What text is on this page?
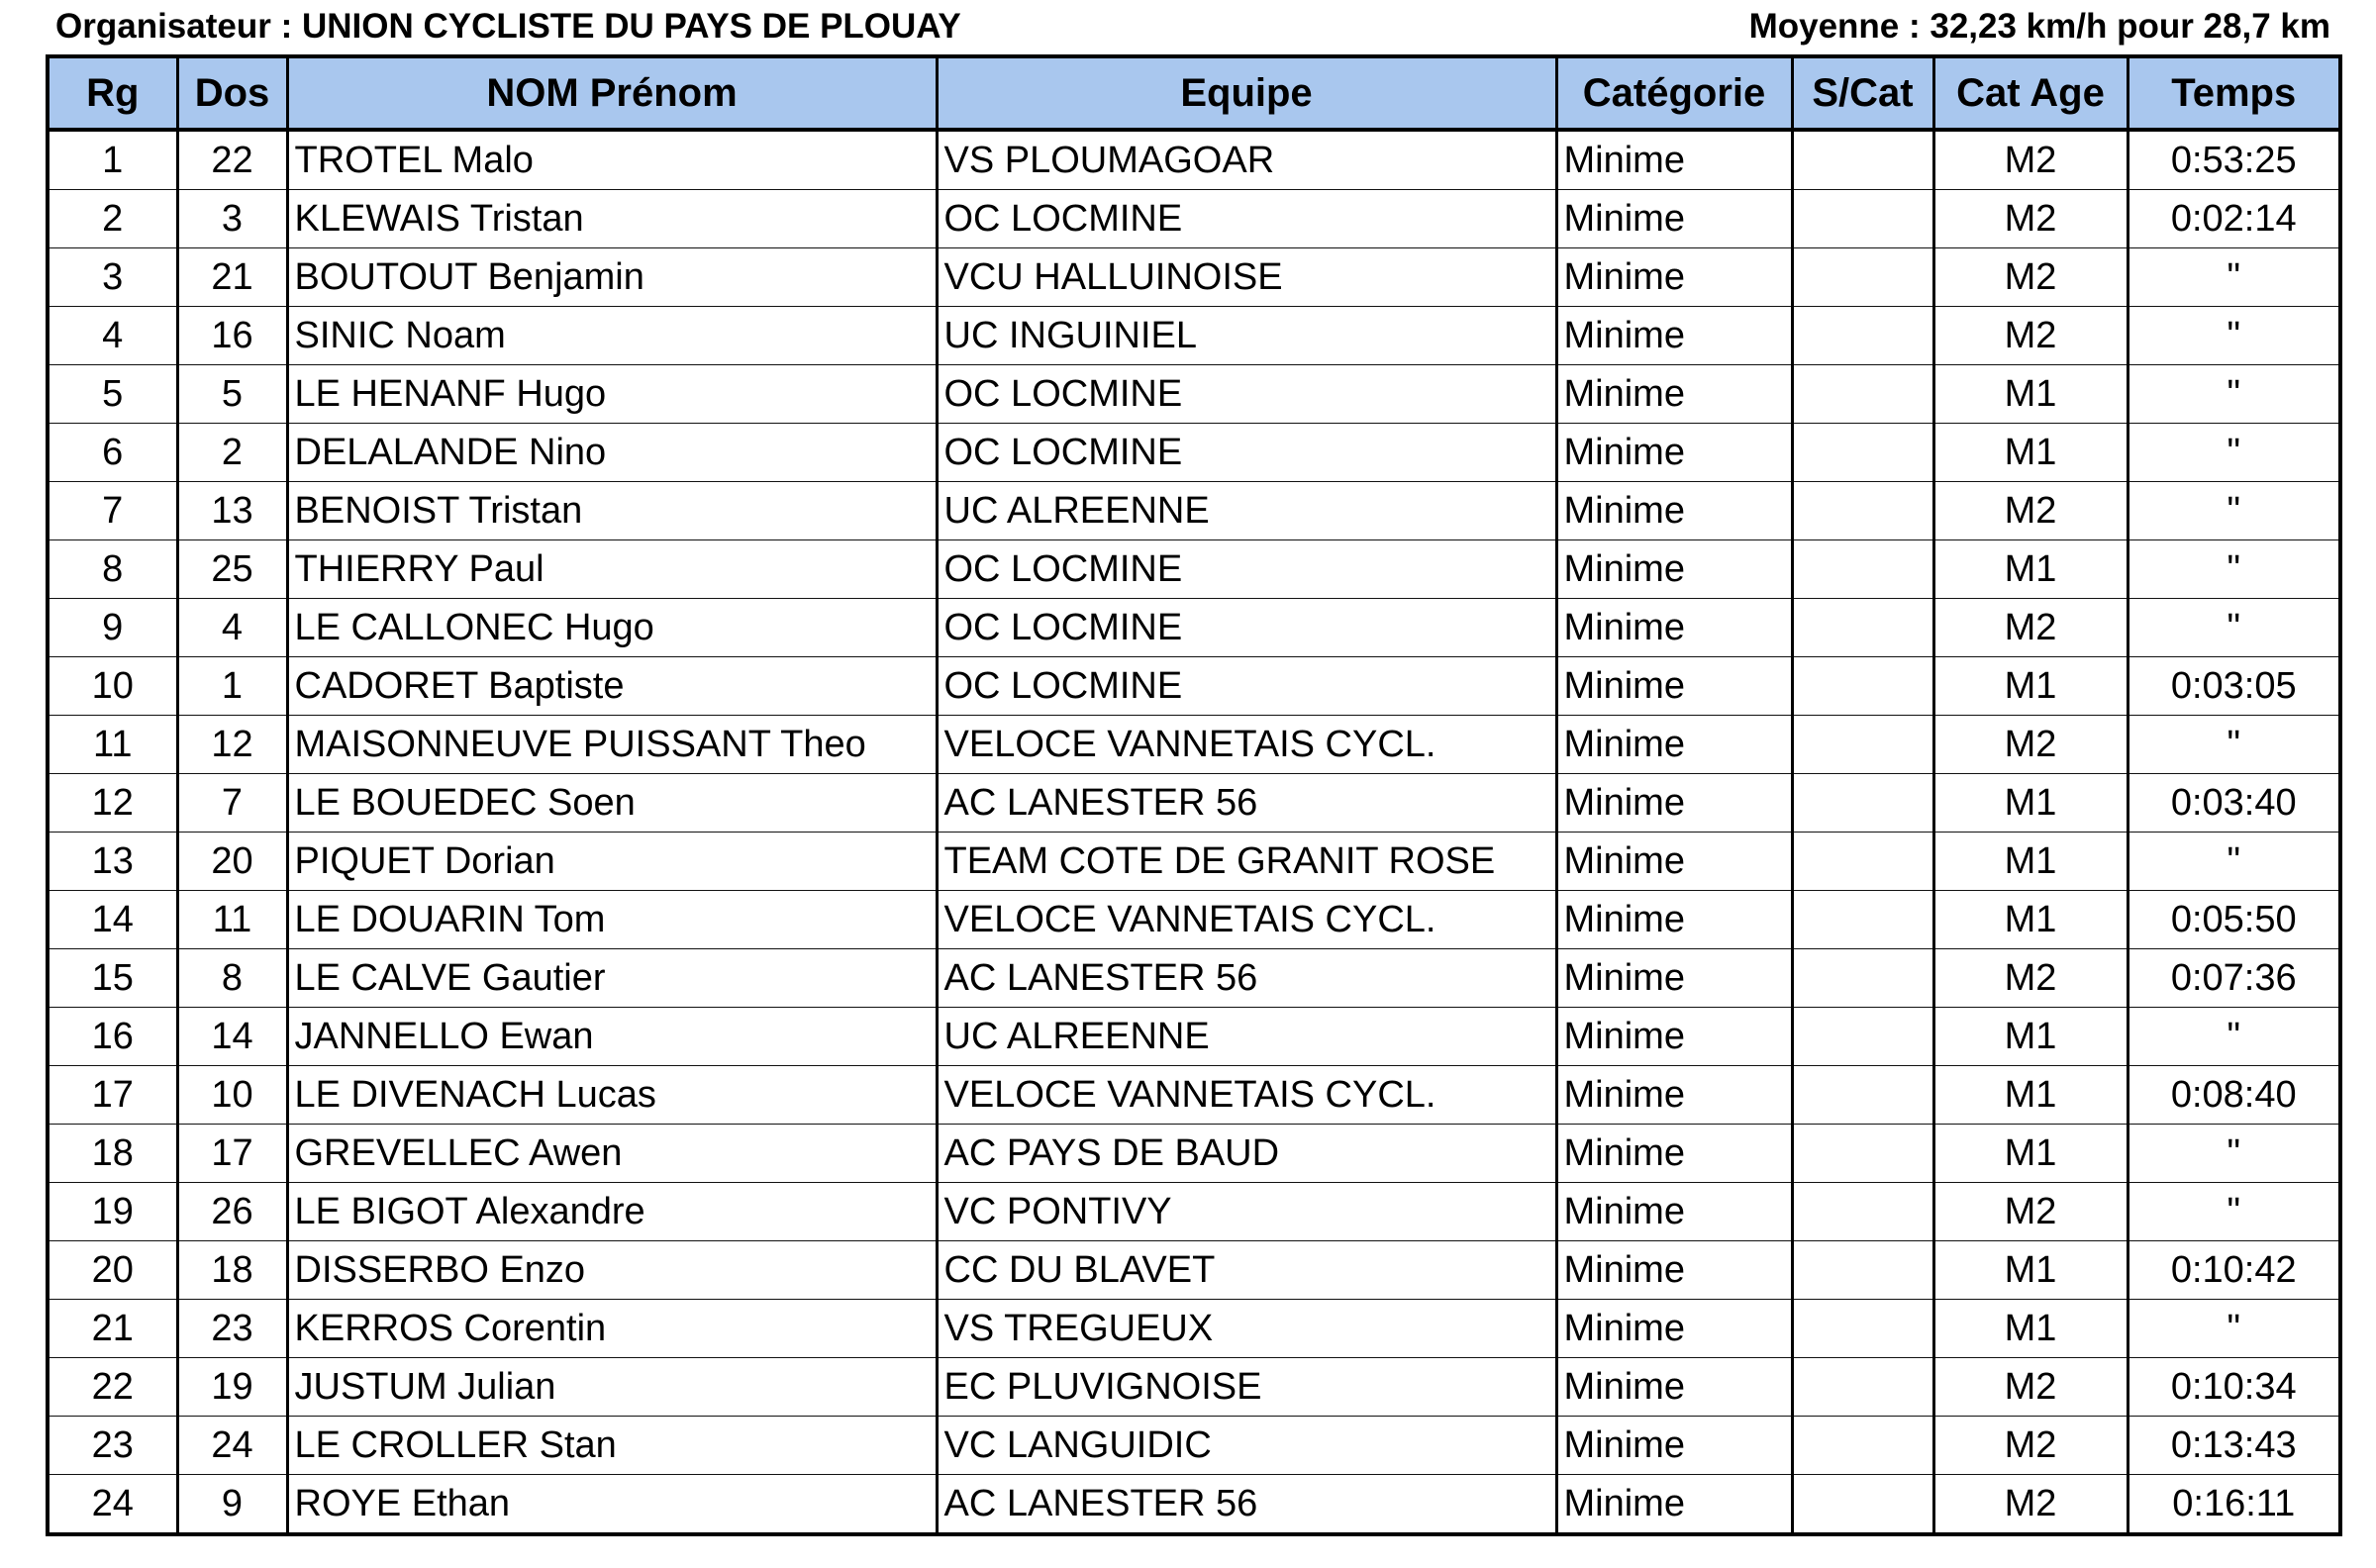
Organisateur : UNION CYCLISTE DU PAYS DE PLOUAY	Moyenne : 32,23 km/h pour 28,7 km
Rg	Dos	NOM Prénom	Equipe	Catégorie	S/Cat	Cat Age	Temps
1	22	TROTEL Malo	VS PLOUMAGOAR	Minime		M2	0:53:25
2	3	KLEWAIS Tristan	OC LOCMINE	Minime		M2	0:02:14
3	21	BOUTOUT Benjamin	VCU HALLUINOISE	Minime		M2	"
4	16	SINIC Noam	UC INGUINIEL	Minime		M2	"
5	5	LE HENANF Hugo	OC LOCMINE	Minime		M1	"
6	2	DELALANDE Nino	OC LOCMINE	Minime		M1	"
7	13	BENOIST Tristan	UC ALREENNE	Minime		M2	"
8	25	THIERRY Paul	OC LOCMINE	Minime		M1	"
9	4	LE CALLONEC Hugo	OC LOCMINE	Minime		M2	"
10	1	CADORET Baptiste	OC LOCMINE	Minime		M1	0:03:05
11	12	MAISONNEUVE PUISSANT Theo	VELOCE VANNETAIS CYCL.	Minime		M2	"
12	7	LE BOUEDEC Soen	AC LANESTER 56	Minime		M1	0:03:40
13	20	PIQUET Dorian	TEAM COTE DE GRANIT ROSE	Minime		M1	"
14	11	LE DOUARIN Tom	VELOCE VANNETAIS CYCL.	Minime		M1	0:05:50
15	8	LE CALVE Gautier	AC LANESTER 56	Minime		M2	0:07:36
16	14	JANNELLO Ewan	UC ALREENNE	Minime		M1	"
17	10	LE DIVENACH Lucas	VELOCE VANNETAIS CYCL.	Minime		M1	0:08:40
18	17	GREVELLEC Awen	AC PAYS DE BAUD	Minime		M1	"
19	26	LE BIGOT Alexandre	VC PONTIVY	Minime		M2	"
20	18	DISSERBO Enzo	CC DU BLAVET	Minime		M1	0:10:42
21	23	KERROS Corentin	VS TREGUEUX	Minime		M1	"
22	19	JUSTUM Julian	EC PLUVIGNOISE	Minime		M2	0:10:34
23	24	LE CROLLER Stan	VC LANGUIDIC	Minime		M2	0:13:43
24	9	ROYE Ethan	AC LANESTER 56	Minime		M2	0:16:11
